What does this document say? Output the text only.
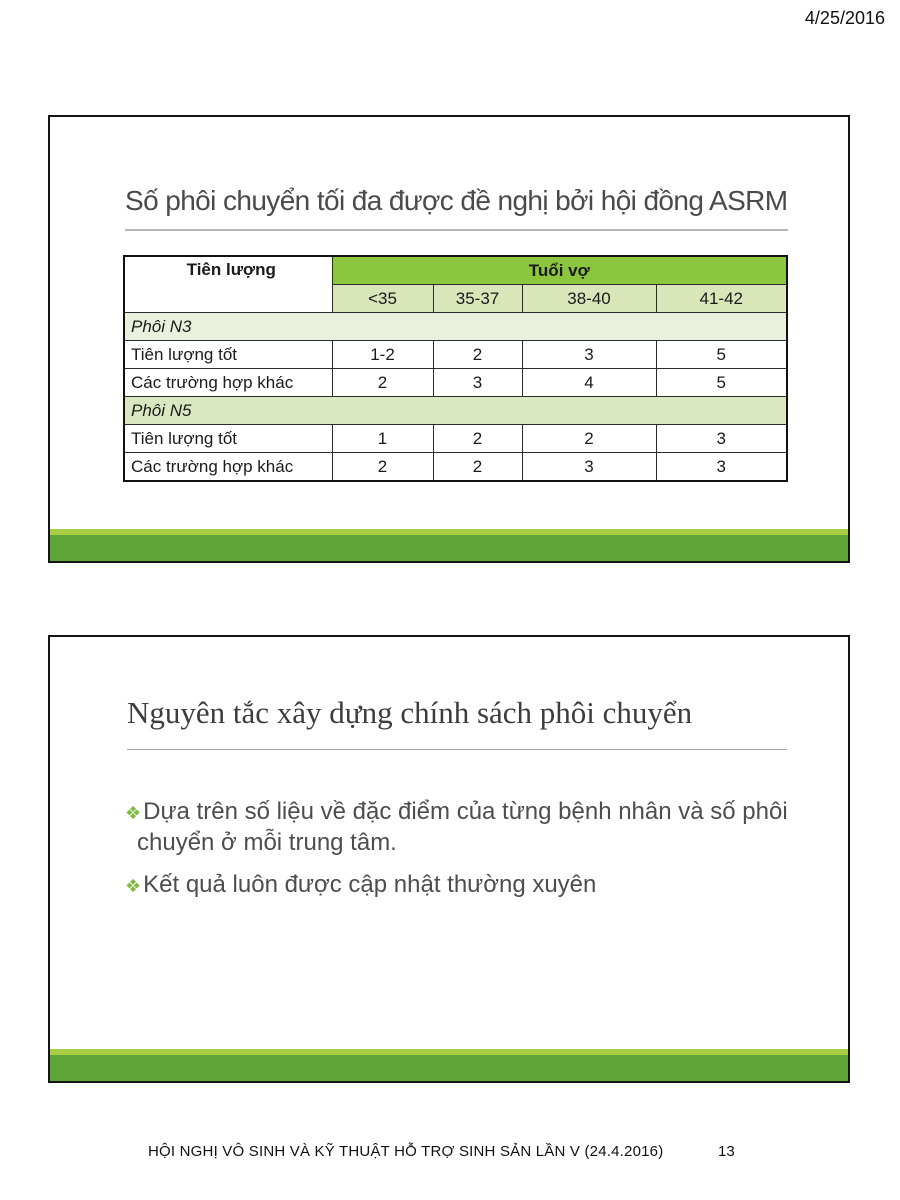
4/25/2016
Số phôi chuyển tối đa được đề nghị bởi hội đồng ASRM
Tiên lượng	Tuổi vợ			
	<35	35-37	38-40	41-42
Phôi N3				
Tiên lượng tốt	1-2	2	3	5
Các trường hợp khác	2	3	4	5
Phôi N5				
Tiên lượng tốt	1	2	2	3
Các trường hợp khác	2	2	3	3
Nguyên tắc xây dựng chính sách phôi chuyển
❖Dựa trên số liệu về đặc điểm của từng bệnh nhân và số phôi chuyển ở mỗi trung tâm.
❖Kết quả luôn được cập nhật thường xuyên
HỘI NGHỊ VÔ SINH VÀ KỸ THUẬT HỖ TRỢ SINH SẢN LẦN V (24.4.2016)	13
